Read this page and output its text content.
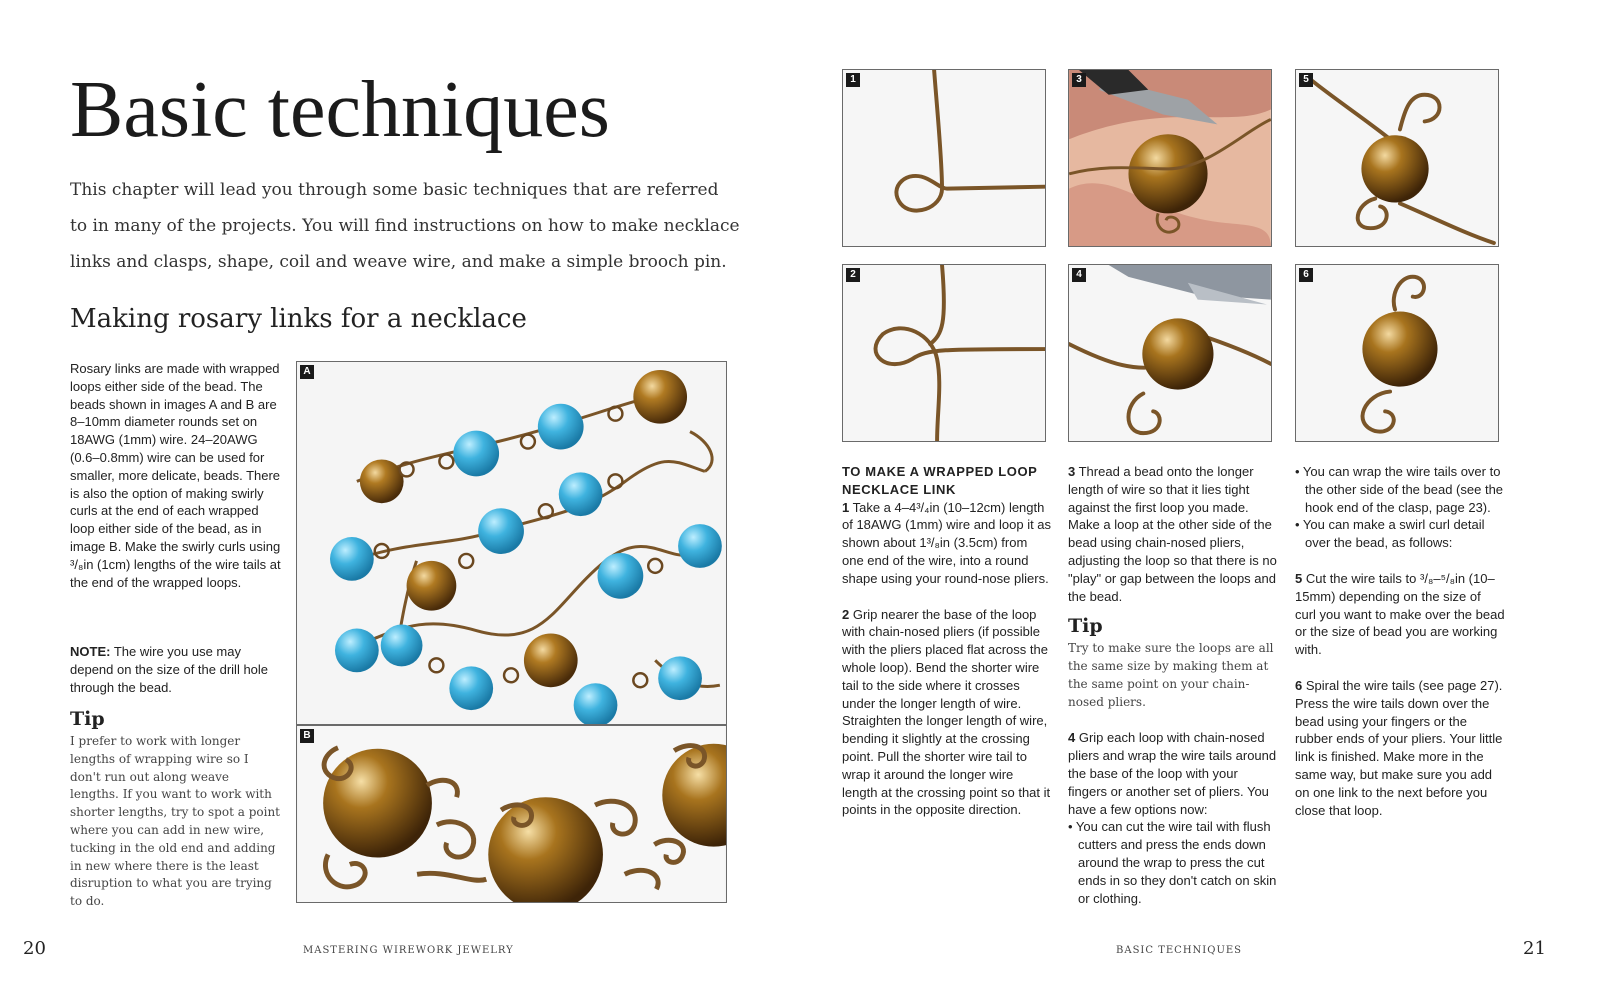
Basic techniques

This chapter will lead you through some basic techniques that are referred to in many of the projects. You will find instructions on how to make necklace links and clasps, shape, coil and weave wire, and make a simple brooch pin.

Making rosary links for a necklace

Rosary links are made with wrapped loops either side of the bead. The beads shown in images A and B are 8–10mm diameter rounds set on 18AWG (1mm) wire. 24–20AWG (0.6–0.8mm) wire can be used for smaller, more delicate, beads. There is also the option of making swirly curls at the end of each wrapped loop either side of the bead, as in image B. Make the swirly curls using ³/₈in (1cm) lengths of the wire tails at the end of the wrapped loops.

NOTE: The wire you use may depend on the size of the drill hole through the bead.

Tip

I prefer to work with longer lengths of wrapping wire so I don't run out along weave lengths. If you want to work with shorter lengths, try to spot a point where you can add in new wire, tucking in the old end and adding in new where there is the least disruption to what you are trying to do.

A
B
20	MASTERING WIREWORK JEWELRY
1	3	5
2	4	6

TO MAKE A WRAPPED LOOP NECKLACE LINK

1 Take a 4–4³/₄in (10–12cm) length of 18AWG (1mm) wire and loop it as shown about 1³/₈in (3.5cm) from one end of the wire, into a round shape using your round-nose pliers.

2 Grip nearer the base of the loop with chain-nosed pliers (if possible with the pliers placed flat across the whole loop). Bend the shorter wire tail to the side where it crosses under the longer length of wire. Straighten the longer length of wire, bending it slightly at the crossing point. Pull the shorter wire tail to wrap it around the longer wire length at the crossing point so that it points in the opposite direction.

3 Thread a bead onto the longer length of wire so that it lies tight against the first loop you made. Make a loop at the other side of the bead using chain-nosed pliers, adjusting the loop so that there is no "play" or gap between the loops and the bead.

Tip

Try to make sure the loops are all the same size by making them at the same point on your chain-nosed pliers.

4 Grip each loop with chain-nosed pliers and wrap the wire tails around the base of the loop with your fingers or another set of pliers. You have a few options now:

• You can cut the wire tail with flush cutters and press the ends down around the wrap to press the cut ends in so they don't catch on skin or clothing.

• You can wrap the wire tails over to the other side of the bead (see the hook end of the clasp, page 23).

• You can make a swirl curl detail over the bead, as follows:

5 Cut the wire tails to ³/₈–⁵/₈in (10–15mm) depending on the size of curl you want to make over the bead or the size of bead you are working with.

6 Spiral the wire tails (see page 27). Press the wire tails down over the bead using your fingers or the rubber ends of your pliers. Your little link is finished. Make more in the same way, but make sure you add on one link to the next before you close that loop.

BASIC TECHNIQUES	21
